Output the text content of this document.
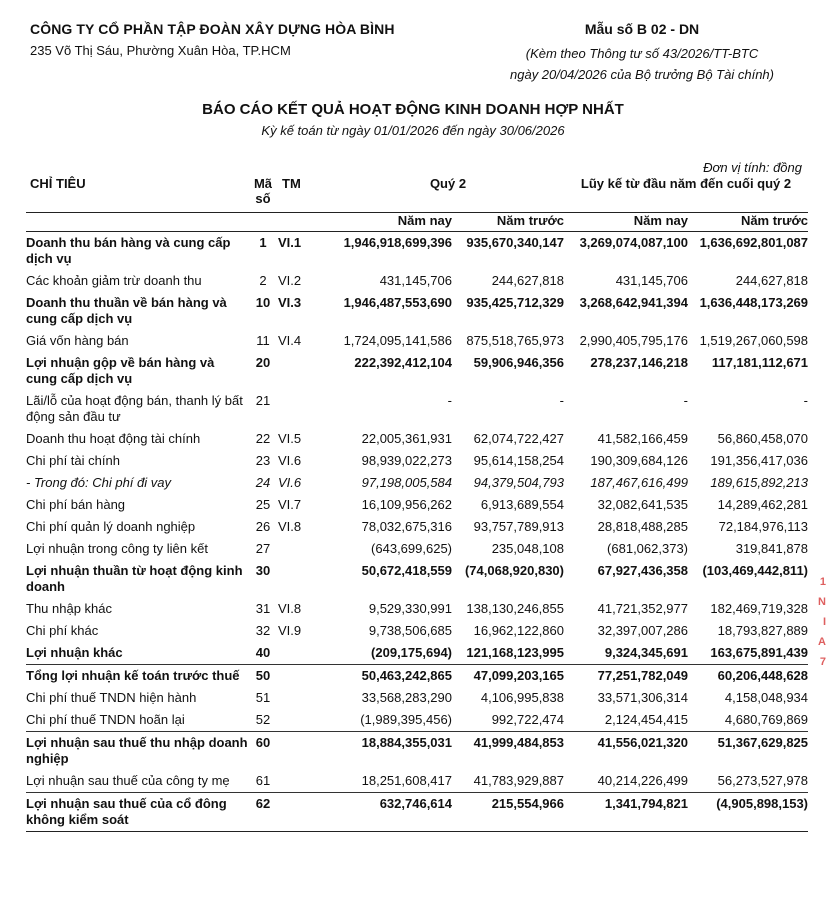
CÔNG TY CỔ PHẦN TẬP ĐOÀN XÂY DỰNG HÒA BÌNH
235 Võ Thị Sáu, Phường Xuân Hòa, TP.HCM
Mẫu số B 02 - DN
(Kèm theo Thông tư số 43/2026/TT-BTC
ngày 20/04/2026 của Bộ trưởng Bộ Tài chính)
BÁO CÁO KẾT QUẢ HOẠT ĐỘNG KINH DOANH HỢP NHẤT
Kỳ kế toán từ ngày 01/01/2026 đến ngày 30/06/2026
Đơn vị tính: đồng
CHỈ TIÊU	Mã số	TM	Quý 2		Lũy kế từ đầu năm đến cuối quý 2	
			Năm nay	Năm trước	Năm nay	Năm trước
Doanh thu bán hàng và cung cấp dịch vụ	1	VI.1	1,946,918,699,396	935,670,340,147	3,269,074,087,100	1,636,692,801,087
Các khoản giảm trừ doanh thu	2	VI.2	431,145,706	244,627,818	431,145,706	244,627,818
Doanh thu thuần về bán hàng và cung cấp dịch vụ	10	VI.3	1,946,487,553,690	935,425,712,329	3,268,642,941,394	1,636,448,173,269
Giá vốn hàng bán	11	VI.4	1,724,095,141,586	875,518,765,973	2,990,405,795,176	1,519,267,060,598
Lợi nhuận gộp về bán hàng và cung cấp dịch vụ	20		222,392,412,104	59,906,946,356	278,237,146,218	117,181,112,671
Lãi/lỗ của hoạt động bán, thanh lý bất động sản đầu tư	21		-	-	-	-
Doanh thu hoạt động tài chính	22	VI.5	22,005,361,931	62,074,722,427	41,582,166,459	56,860,458,070
Chi phí tài chính	23	VI.6	98,939,022,273	95,614,158,254	190,309,684,126	191,356,417,036
- Trong đó: Chi phí đi vay	24	VI.6	97,198,005,584	94,379,504,793	187,467,616,499	189,615,892,213
Chi phí bán hàng	25	VI.7	16,109,956,262	6,913,689,554	32,082,641,535	14,289,462,281
Chi phí quản lý doanh nghiệp	26	VI.8	78,032,675,316	93,757,789,913	28,818,488,285	72,184,976,113
Lợi nhuận trong công ty liên kết	27		(643,699,625)	235,048,108	(681,062,373)	319,841,878
Lợi nhuận thuần từ hoạt động kinh doanh	30		50,672,418,559	(74,068,920,830)	67,927,436,358	(103,469,442,811)
Thu nhập khác	31	VI.8	9,529,330,991	138,130,246,855	41,721,352,977	182,469,719,328
Chi phí khác	32	VI.9	9,738,506,685	16,962,122,860	32,397,007,286	18,793,827,889
Lợi nhuận khác	40		(209,175,694)	121,168,123,995	9,324,345,691	163,675,891,439
Tổng lợi nhuận kế toán trước thuế	50		50,463,242,865	47,099,203,165	77,251,782,049	60,206,448,628
Chi phí thuế TNDN hiện hành	51		33,568,283,290	4,106,995,838	33,571,306,314	4,158,048,934
Chi phí thuế TNDN hoãn lại	52		(1,989,395,456)	992,722,474	2,124,454,415	4,680,769,869
Lợi nhuận sau thuế thu nhập doanh nghiệp	60		18,884,355,031	41,999,484,853	41,556,021,320	51,367,629,825
Lợi nhuận sau thuế của công ty mẹ	61		18,251,608,417	41,783,929,887	40,214,226,499	56,273,527,978
Lợi nhuận sau thuế của cổ đông không kiểm soát	62		632,746,614	215,554,966	1,341,794,821	(4,905,898,153)
1
N
I
A
7
